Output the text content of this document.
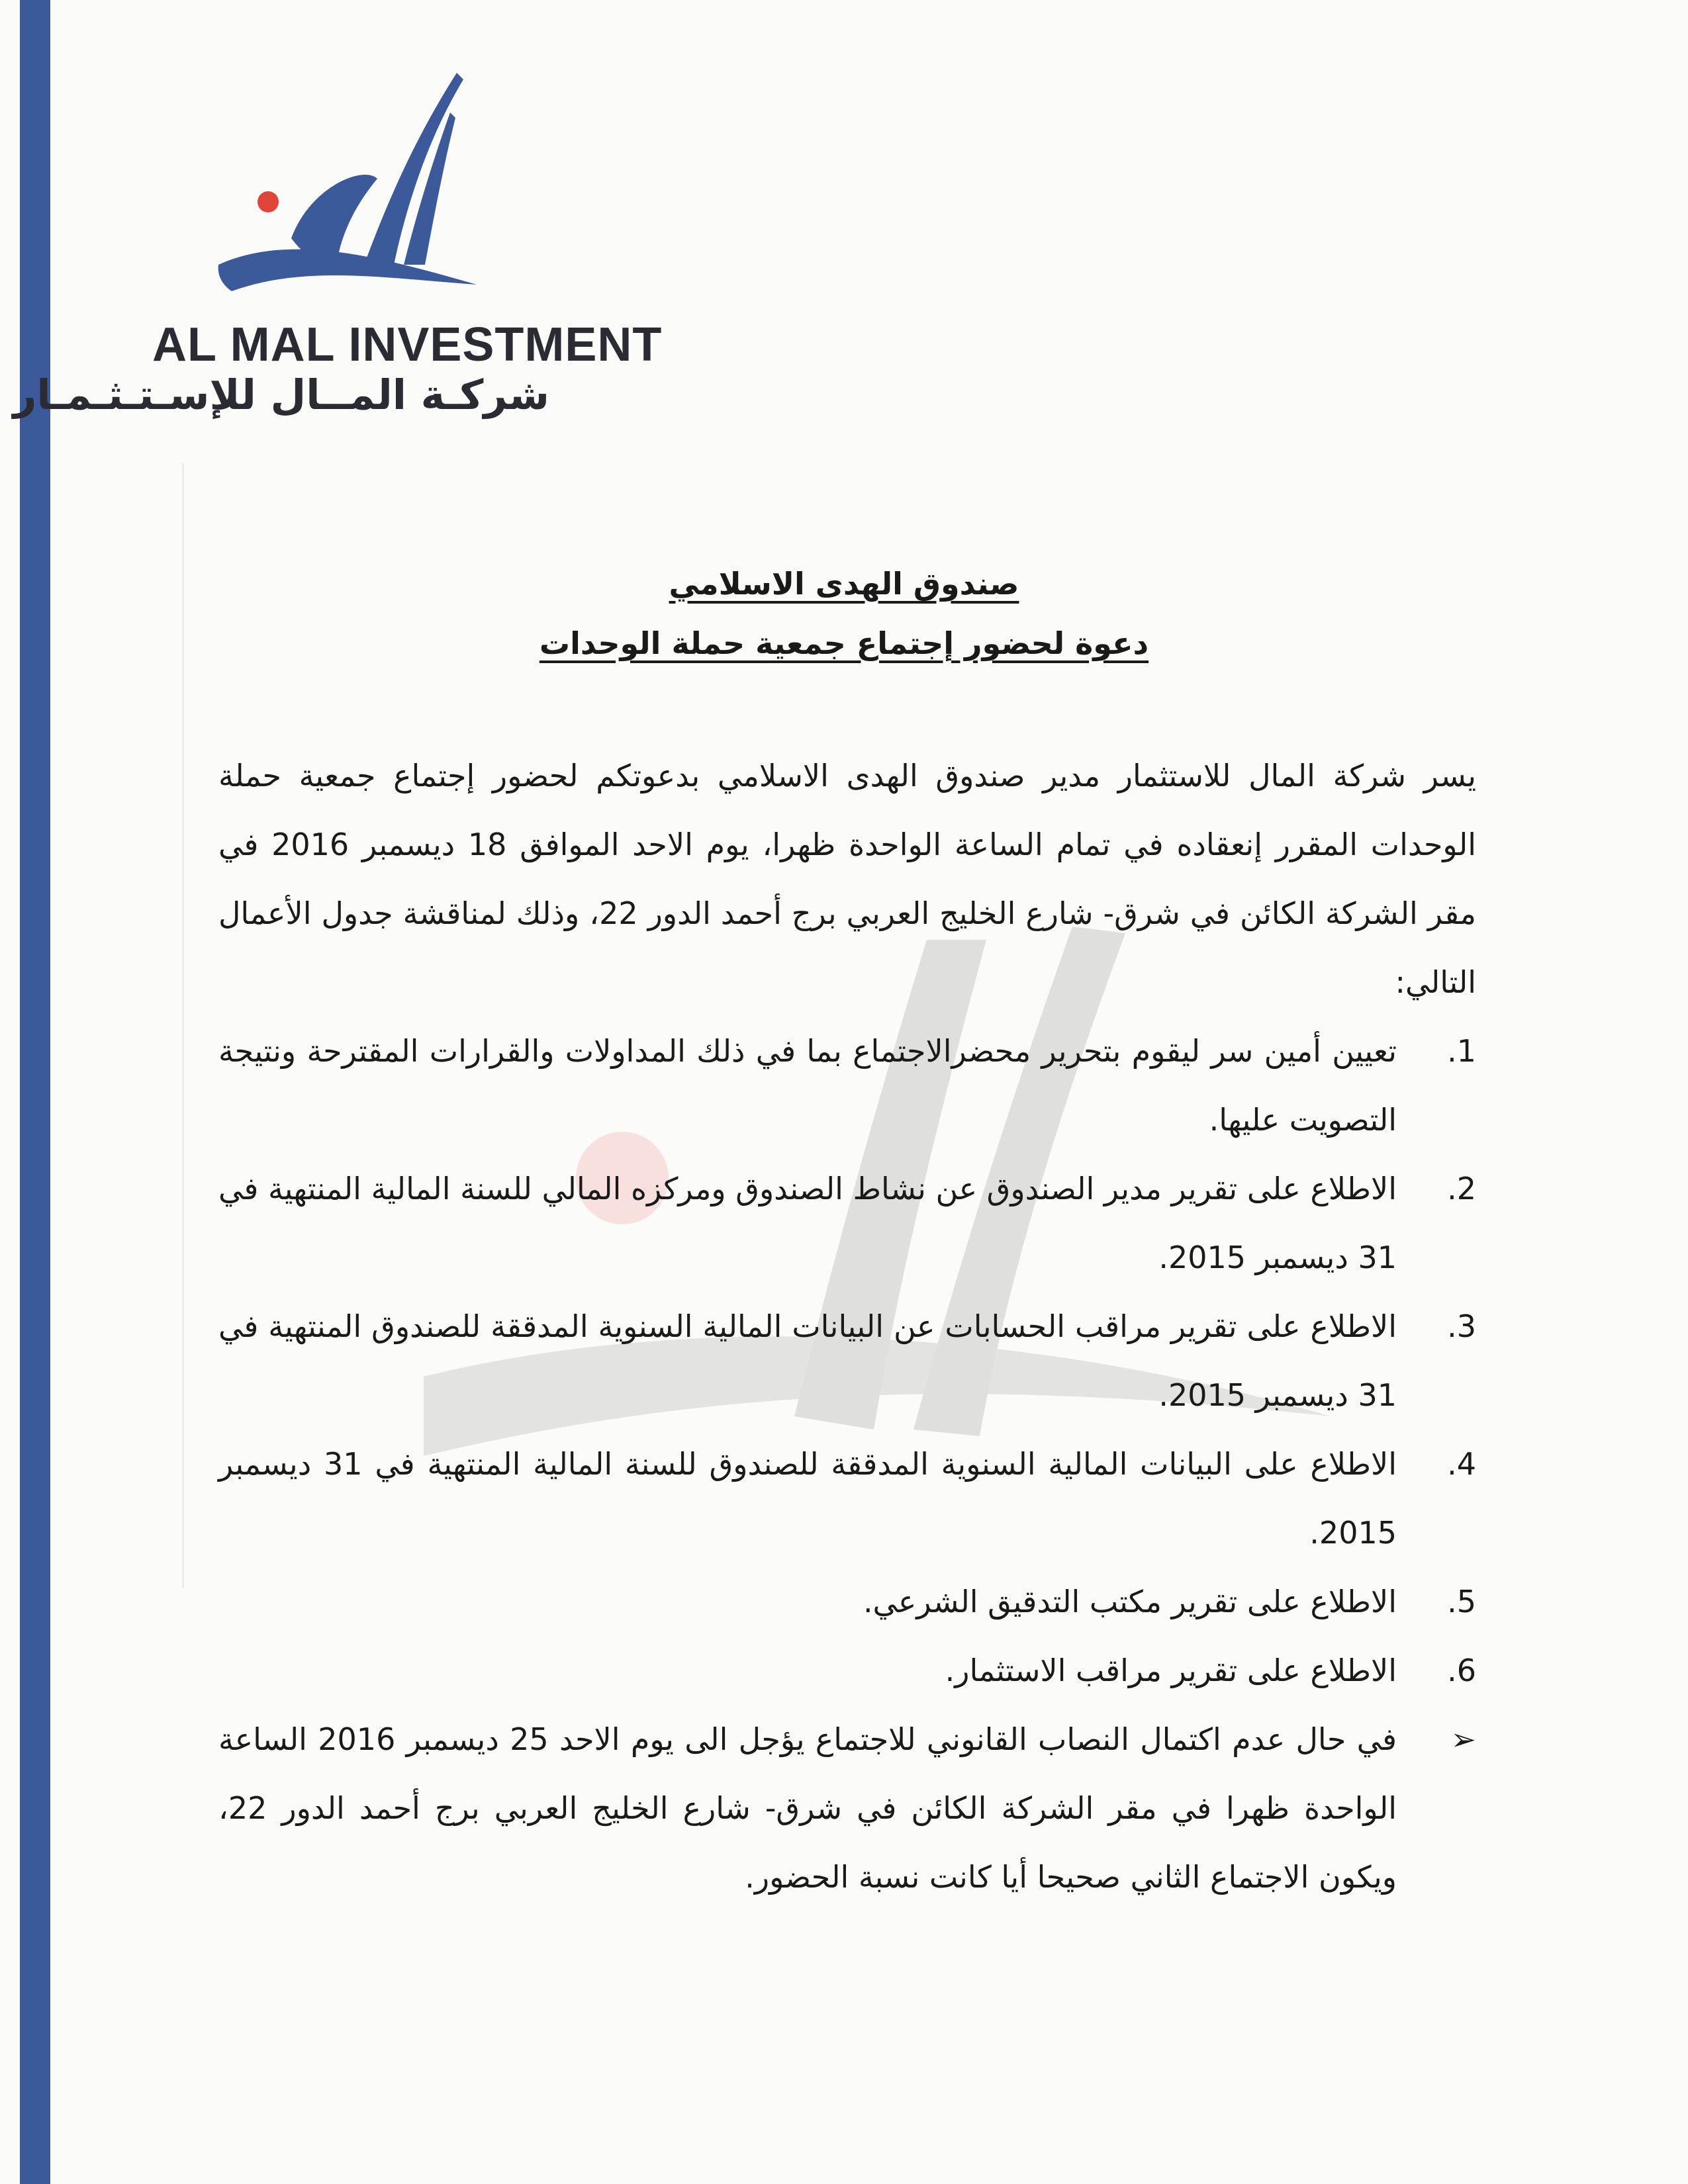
AL MAL INVESTMENT
شركـة المــال للإسـتـثـمـار
صندوق الهدى الاسلامي
دعوة لحضور إجتماع جمعية حملة الوحدات

يسر شركة المال للاستثمار مدير صندوق الهدى الاسلامي بدعوتكم لحضور إجتماع جمعية حملة الوحدات المقرر إنعقاده في تمام الساعة الواحدة ظهرا، يوم الاحد الموافق 18 ديسمبر 2016 في مقر الشركة الكائن في شرق- شارع الخليج العربي برج أحمد الدور 22، وذلك لمناقشة جدول الأعمال التالي:

1.
تعيين أمين سر ليقوم بتحرير محضرالاجتماع بما في ذلك المداولات والقرارات المقترحة ونتيجة التصويت عليها.
2.
الاطلاع على تقرير مدير الصندوق عن نشاط الصندوق ومركزه المالي للسنة المالية المنتهية في 31 ديسمبر 2015.
3.
الاطلاع على تقرير مراقب الحسابات عن البيانات المالية السنوية المدققة للصندوق المنتهية في 31 ديسمبر 2015.
4.
الاطلاع على البيانات المالية السنوية المدققة للصندوق للسنة المالية المنتهية في 31 ديسمبر 2015.
5.
الاطلاع على تقرير مكتب التدقيق الشرعي.
6.
الاطلاع على تقرير مراقب الاستثمار.

➢
في حال عدم اكتمال النصاب القانوني للاجتماع يؤجل الى يوم الاحد 25 ديسمبر 2016 الساعة الواحدة ظهرا في مقر الشركة الكائن في شرق- شارع الخليج العربي برج أحمد الدور 22، ويكون الاجتماع الثاني صحيحا أيا كانت نسبة الحضور.
